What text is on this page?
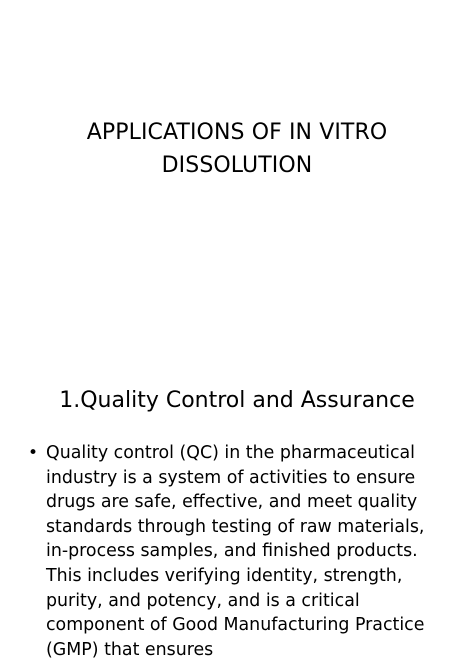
APPLICATIONS OF IN VITRO
DISSOLUTION
1.Quality Control and Assurance
• Quality control (QC) in the pharmaceutical industry is a system of activities to ensure drugs are safe, effective, and meet quality standards through testing of raw materials, in-process samples, and finished products. This includes verifying identity, strength, purity, and potency, and is a critical component of Good Manufacturing Practice (GMP) that ensures
